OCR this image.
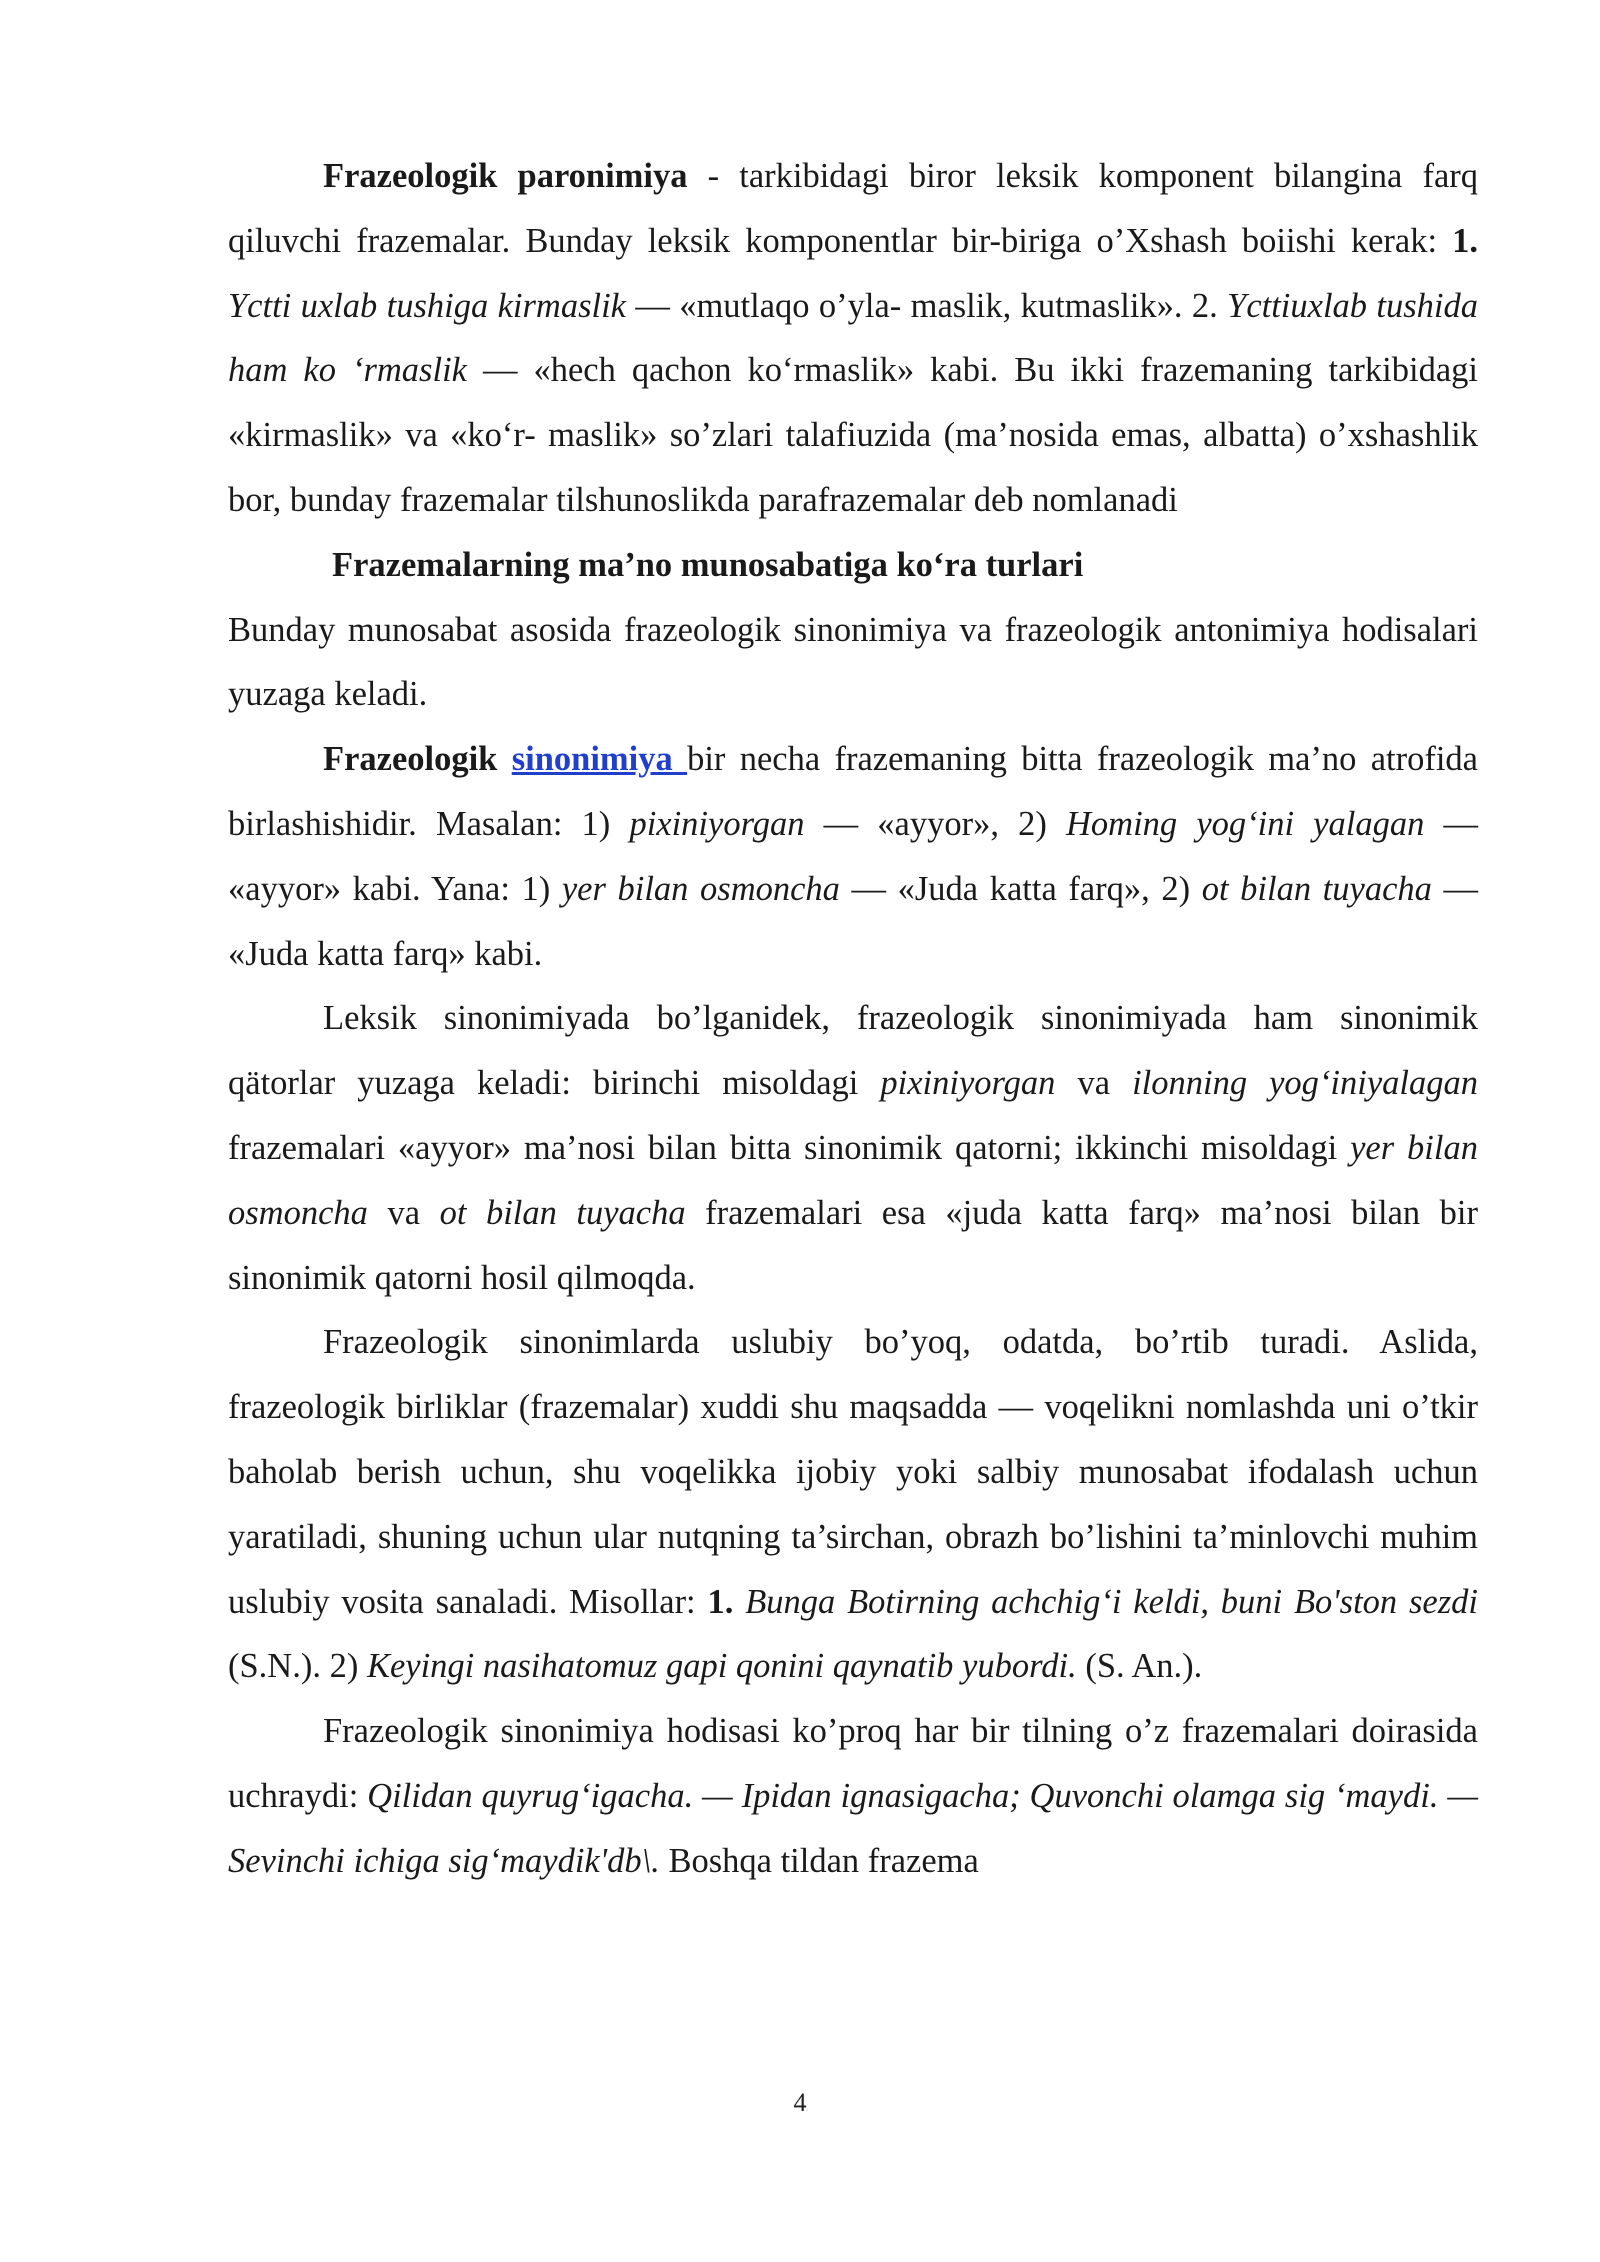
Frazeologik paronimiya - tarkibidagi biror leksik komponent bilangina farq qiluvchi frazemalar. Bunday leksik komponentlar bir-biriga o’Xshash boiishi kerak: 1. Yctti uxlab tushiga kirmaslik — «mutlaqo o’yla- maslik, kutmaslik». 2. Ycttiuxlab tushida ham ko ‘rmaslik — «hech qachon ko‘rmaslik» kabi. Bu ikki frazemaning tarkibidagi «kirmaslik» va «ko‘r- maslik» so’zlari talafiuzida (ma’nosida emas, albatta) o’xshashlik bor, bunday frazemalar tilshunoslikda parafrazemalar deb nomlanadi

Frazemalarning ma’no munosabatiga ko‘ra turlari

Bunday munosabat asosida frazeologik sinonimiya va frazeologik antonimiya hodisalari yuzaga keladi.

Frazeologik sinonimiya bir necha frazemaning bitta frazeologik ma’no atrofida birlashishidir. Masalan: 1) pixiniyorgan — «ayyor», 2) Homing yog‘ini yalagan — «ayyor» kabi. Yana: 1) yer bilan osmoncha — «Juda katta farq», 2) ot bilan tuyacha — «Juda katta farq» kabi.

Leksik sinonimiyada bo’lganidek, frazeologik sinonimiyada ham sinonimik qätorlar yuzaga keladi: birinchi misoldagi pixiniyorgan va ilonning yog‘iniyalagan frazemalari «ayyor» ma’nosi bilan bitta sinonimik qatorni; ikkinchi misoldagi yer bilan osmoncha va ot bilan tuyacha frazemalari esa «juda katta farq» ma’nosi bilan bir sinonimik qatorni hosil qilmoqda.

Frazeologik sinonimlarda uslubiy bo’yoq, odatda, bo’rtib turadi. Aslida, frazeologik birliklar (frazemalar) xuddi shu maqsadda — voqelikni nomlashda uni o’tkir baholab berish uchun, shu voqelikka ijobiy yoki salbiy munosabat ifodalash uchun yaratiladi, shuning uchun ular nutqning ta’sirchan, obrazh bo’lishini ta’minlovchi muhim uslubiy vosita sanaladi. Misollar: 1. Bunga Botirning achchig‘i keldi, buni Bo'ston sezdi (S.N.). 2) Keyingi nasihatomuz gapi qonini qaynatib yubordi. (S. An.).

Frazeologik sinonimiya hodisasi ko’proq har bir tilning o’z frazemalari doirasida uchraydi: Qilidan quyrug‘igacha. — Ipidan ignasigacha; Quvonchi olamga sig ‘maydi. — Sevinchi ichiga sig‘maydik'db\. Boshqa tildan frazema

4
